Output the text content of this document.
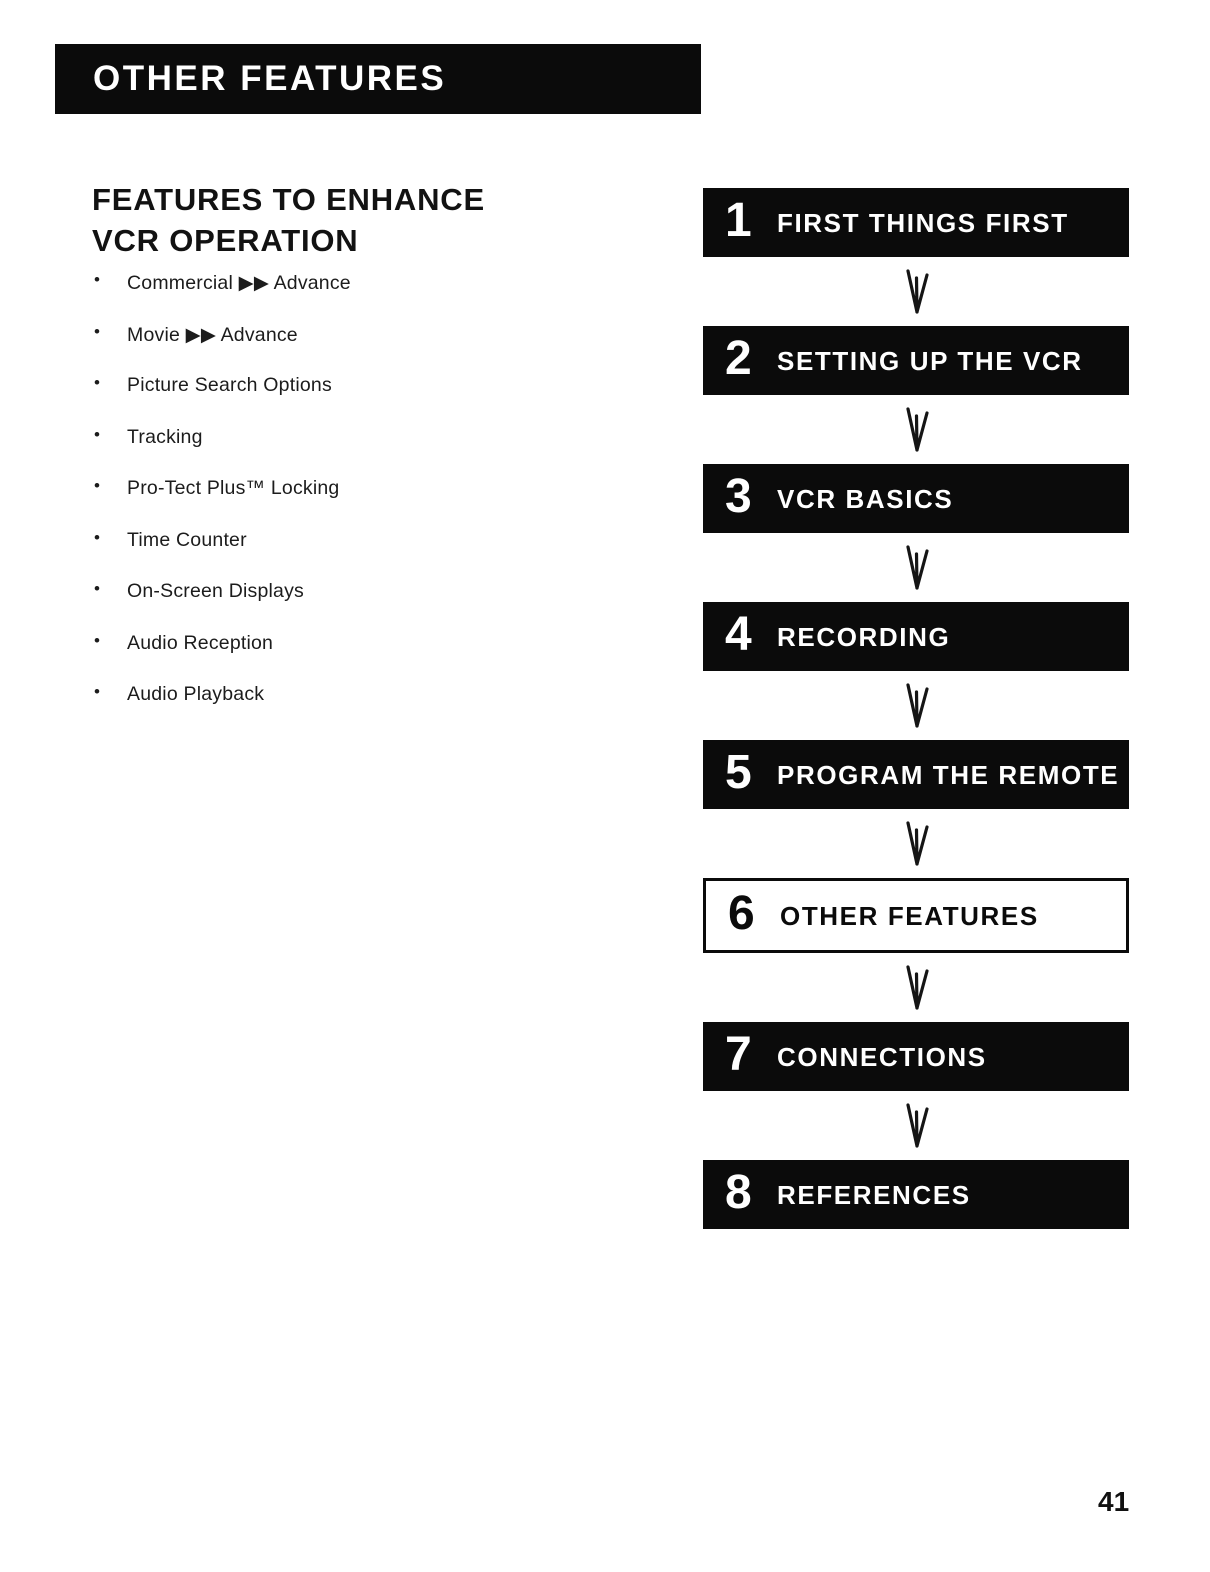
OTHER FEATURES
FEATURES TO ENHANCE
VCR OPERATION
• Commercial ▶▶ Advance
• Movie ▶▶ Advance
• Picture Search Options
• Tracking
• Pro-Tect Plus™ Locking
• Time Counter
• On-Screen Displays
• Audio Reception
• Audio Playback
1 FIRST THINGS FIRST
2 SETTING UP THE VCR
3 VCR BASICS
4 RECORDING
5 PROGRAM THE REMOTE
6 OTHER FEATURES
7 CONNECTIONS
8 REFERENCES
41
